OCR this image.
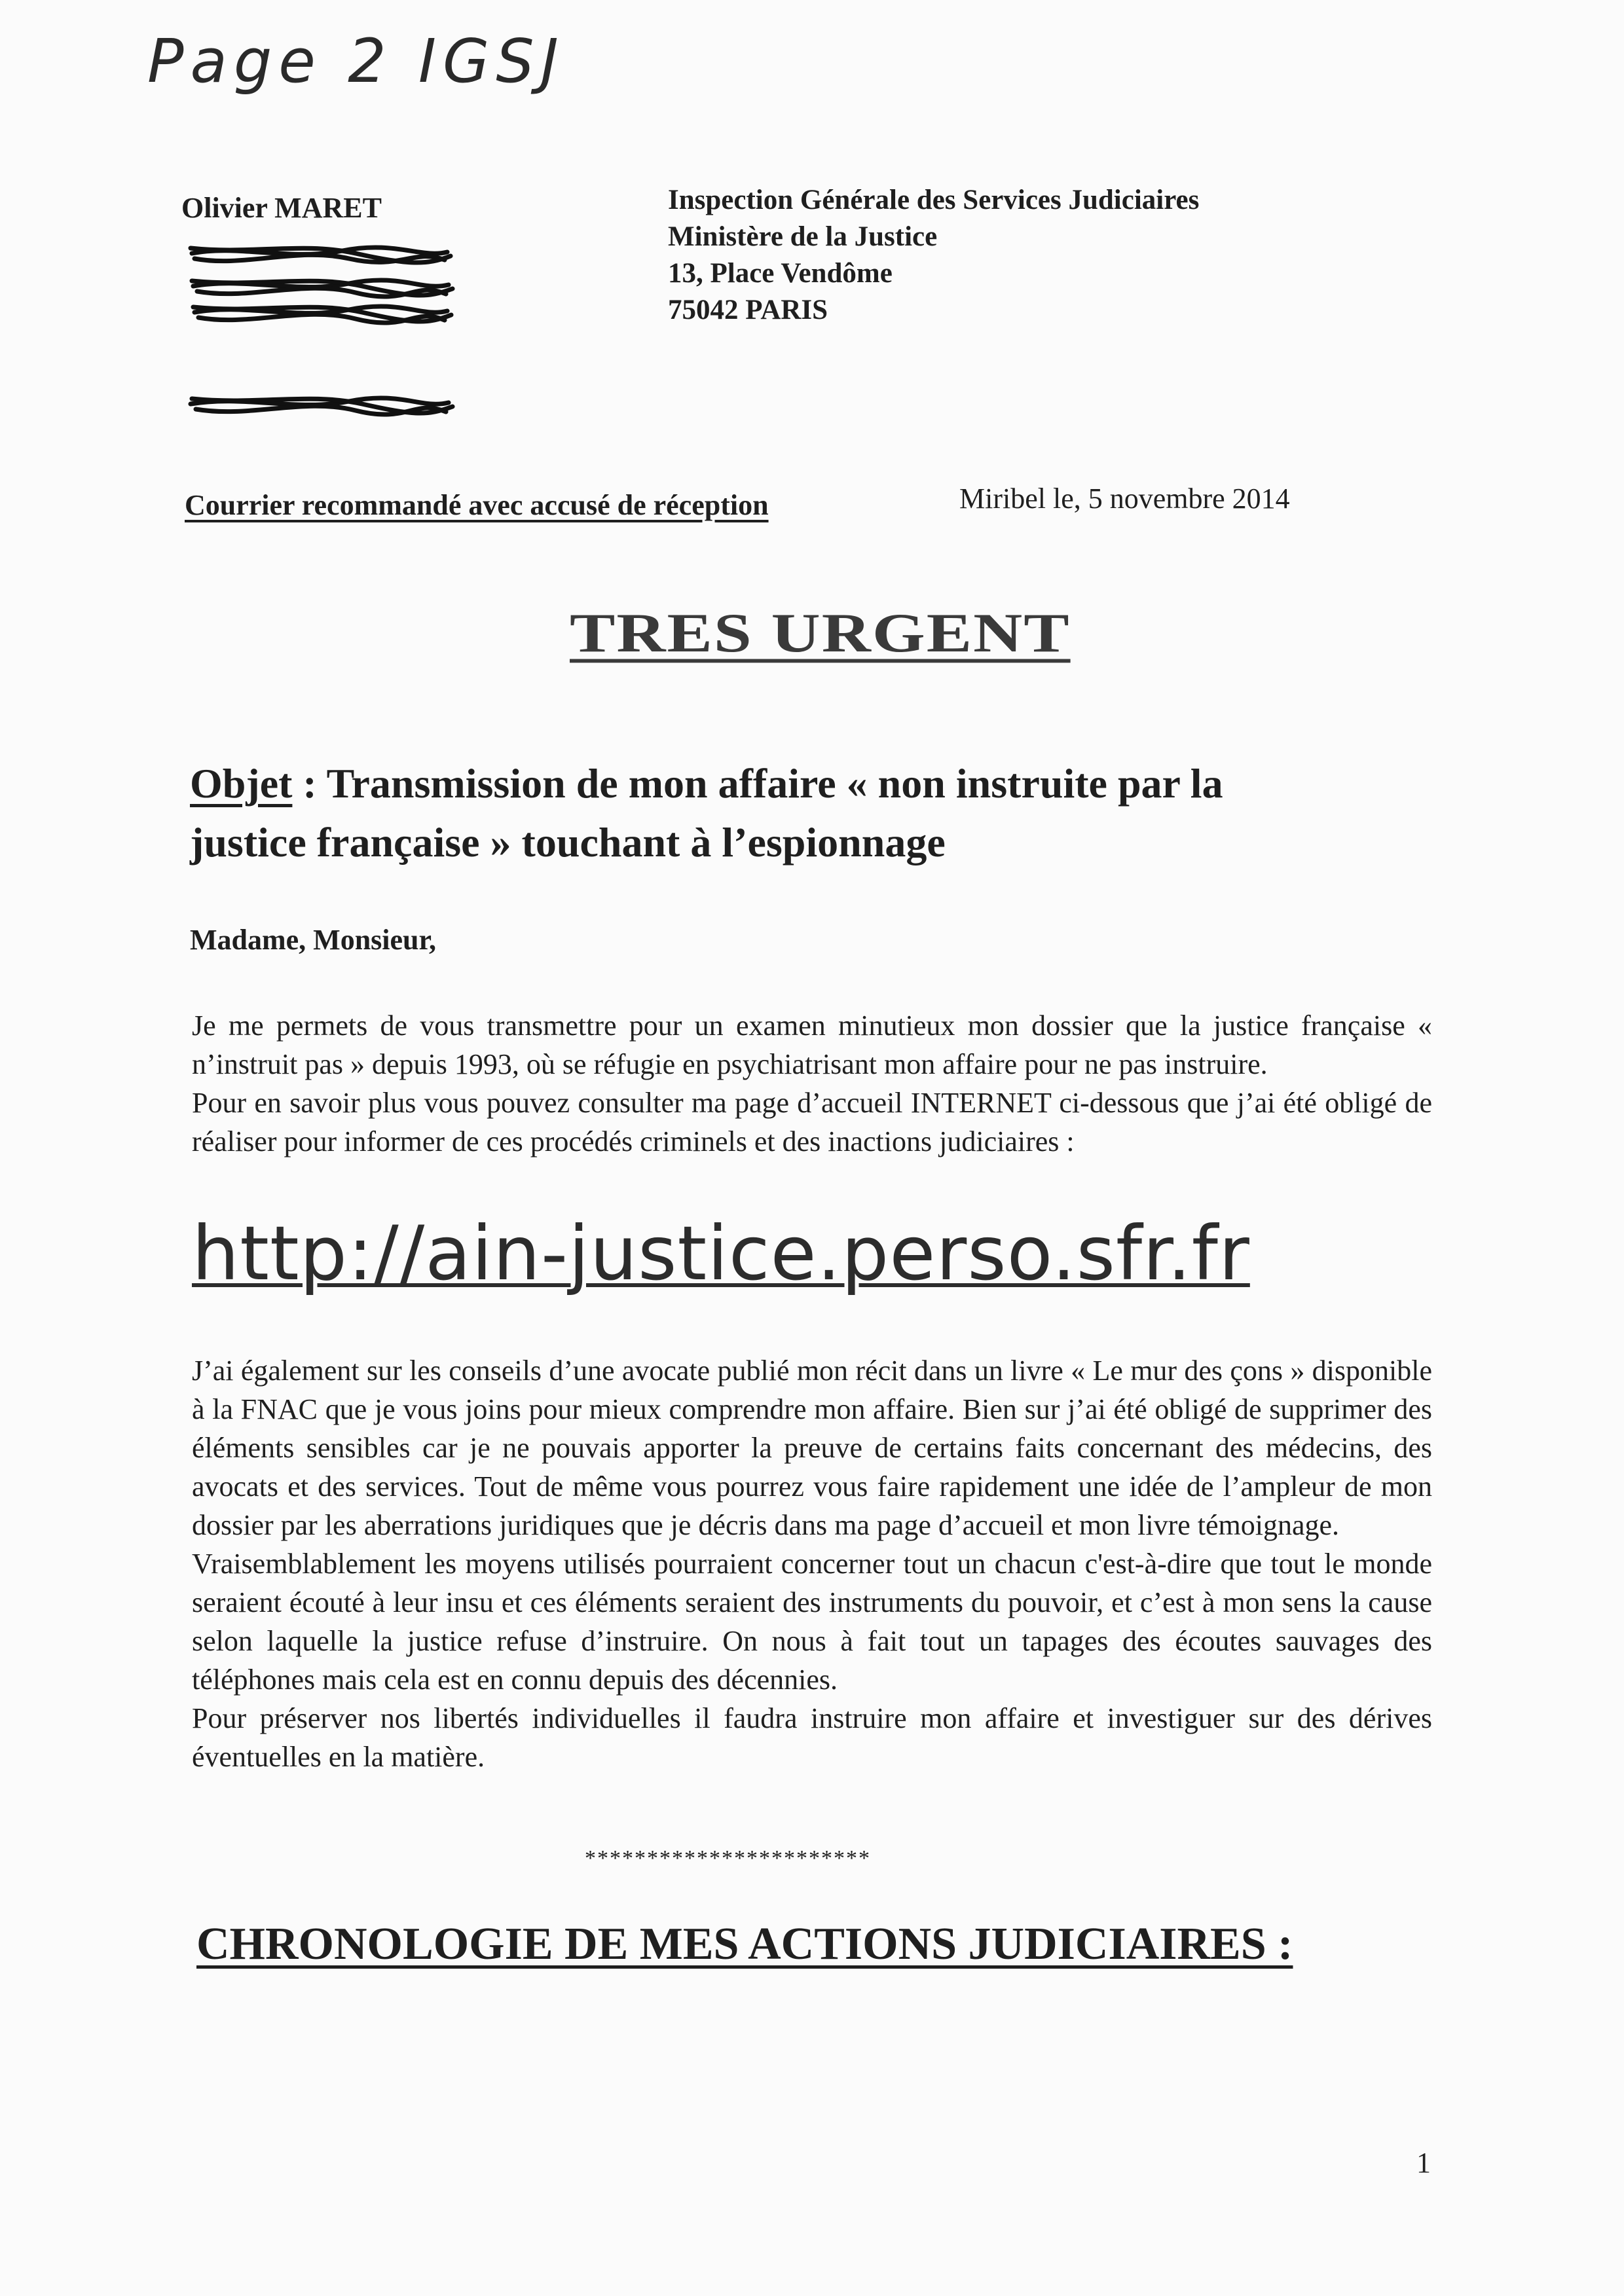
Page 2 IGSJ
Olivier MARET	Inspection Générale des Services Judiciaires
Ministère de la Justice
13, Place Vendôme
75042 PARIS
Courrier recommandé avec accusé de réception	Miribel le, 5 novembre 2014
TRES URGENT
Objet : Transmission de mon affaire « non instruite par la
justice française » touchant à l’espionnage
Madame, Monsieur,

Je me permets de vous transmettre pour un examen minutieux mon dossier que la justice française « n’instruit pas » depuis 1993, où se réfugie en psychiatrisant mon affaire pour ne pas instruire.

Pour en savoir plus vous pouvez consulter ma page d’accueil INTERNET ci-dessous que j’ai été obligé de réaliser pour informer de ces procédés criminels et des inactions judiciaires :

http://ain-justice.perso.sfr.fr

J’ai également sur les conseils d’une avocate publié mon récit dans un livre « Le mur des çons » disponible à la FNAC que je vous joins pour mieux comprendre mon affaire. Bien sur j’ai été obligé de supprimer des éléments sensibles car je ne pouvais apporter la preuve de certains faits concernant des médecins, des avocats et des services. Tout de même vous pourrez vous faire rapidement une idée de l’ampleur de mon dossier par les aberrations juridiques que je décris dans ma page d’accueil et mon livre témoignage.

Vraisemblablement les moyens utilisés pourraient concerner tout un chacun c'est-à-dire que tout le monde seraient écouté à leur insu et ces éléments seraient des instruments du pouvoir, et c’est à mon sens la cause selon laquelle la justice refuse d’instruire. On nous à fait tout un tapages des écoutes sauvages des téléphones mais cela est en connu depuis des décennies.

Pour préserver nos libertés individuelles il faudra instruire mon affaire et investiguer sur des dérives éventuelles en la matière.

***********************
CHRONOLOGIE DE MES ACTIONS JUDICIAIRES :
1
